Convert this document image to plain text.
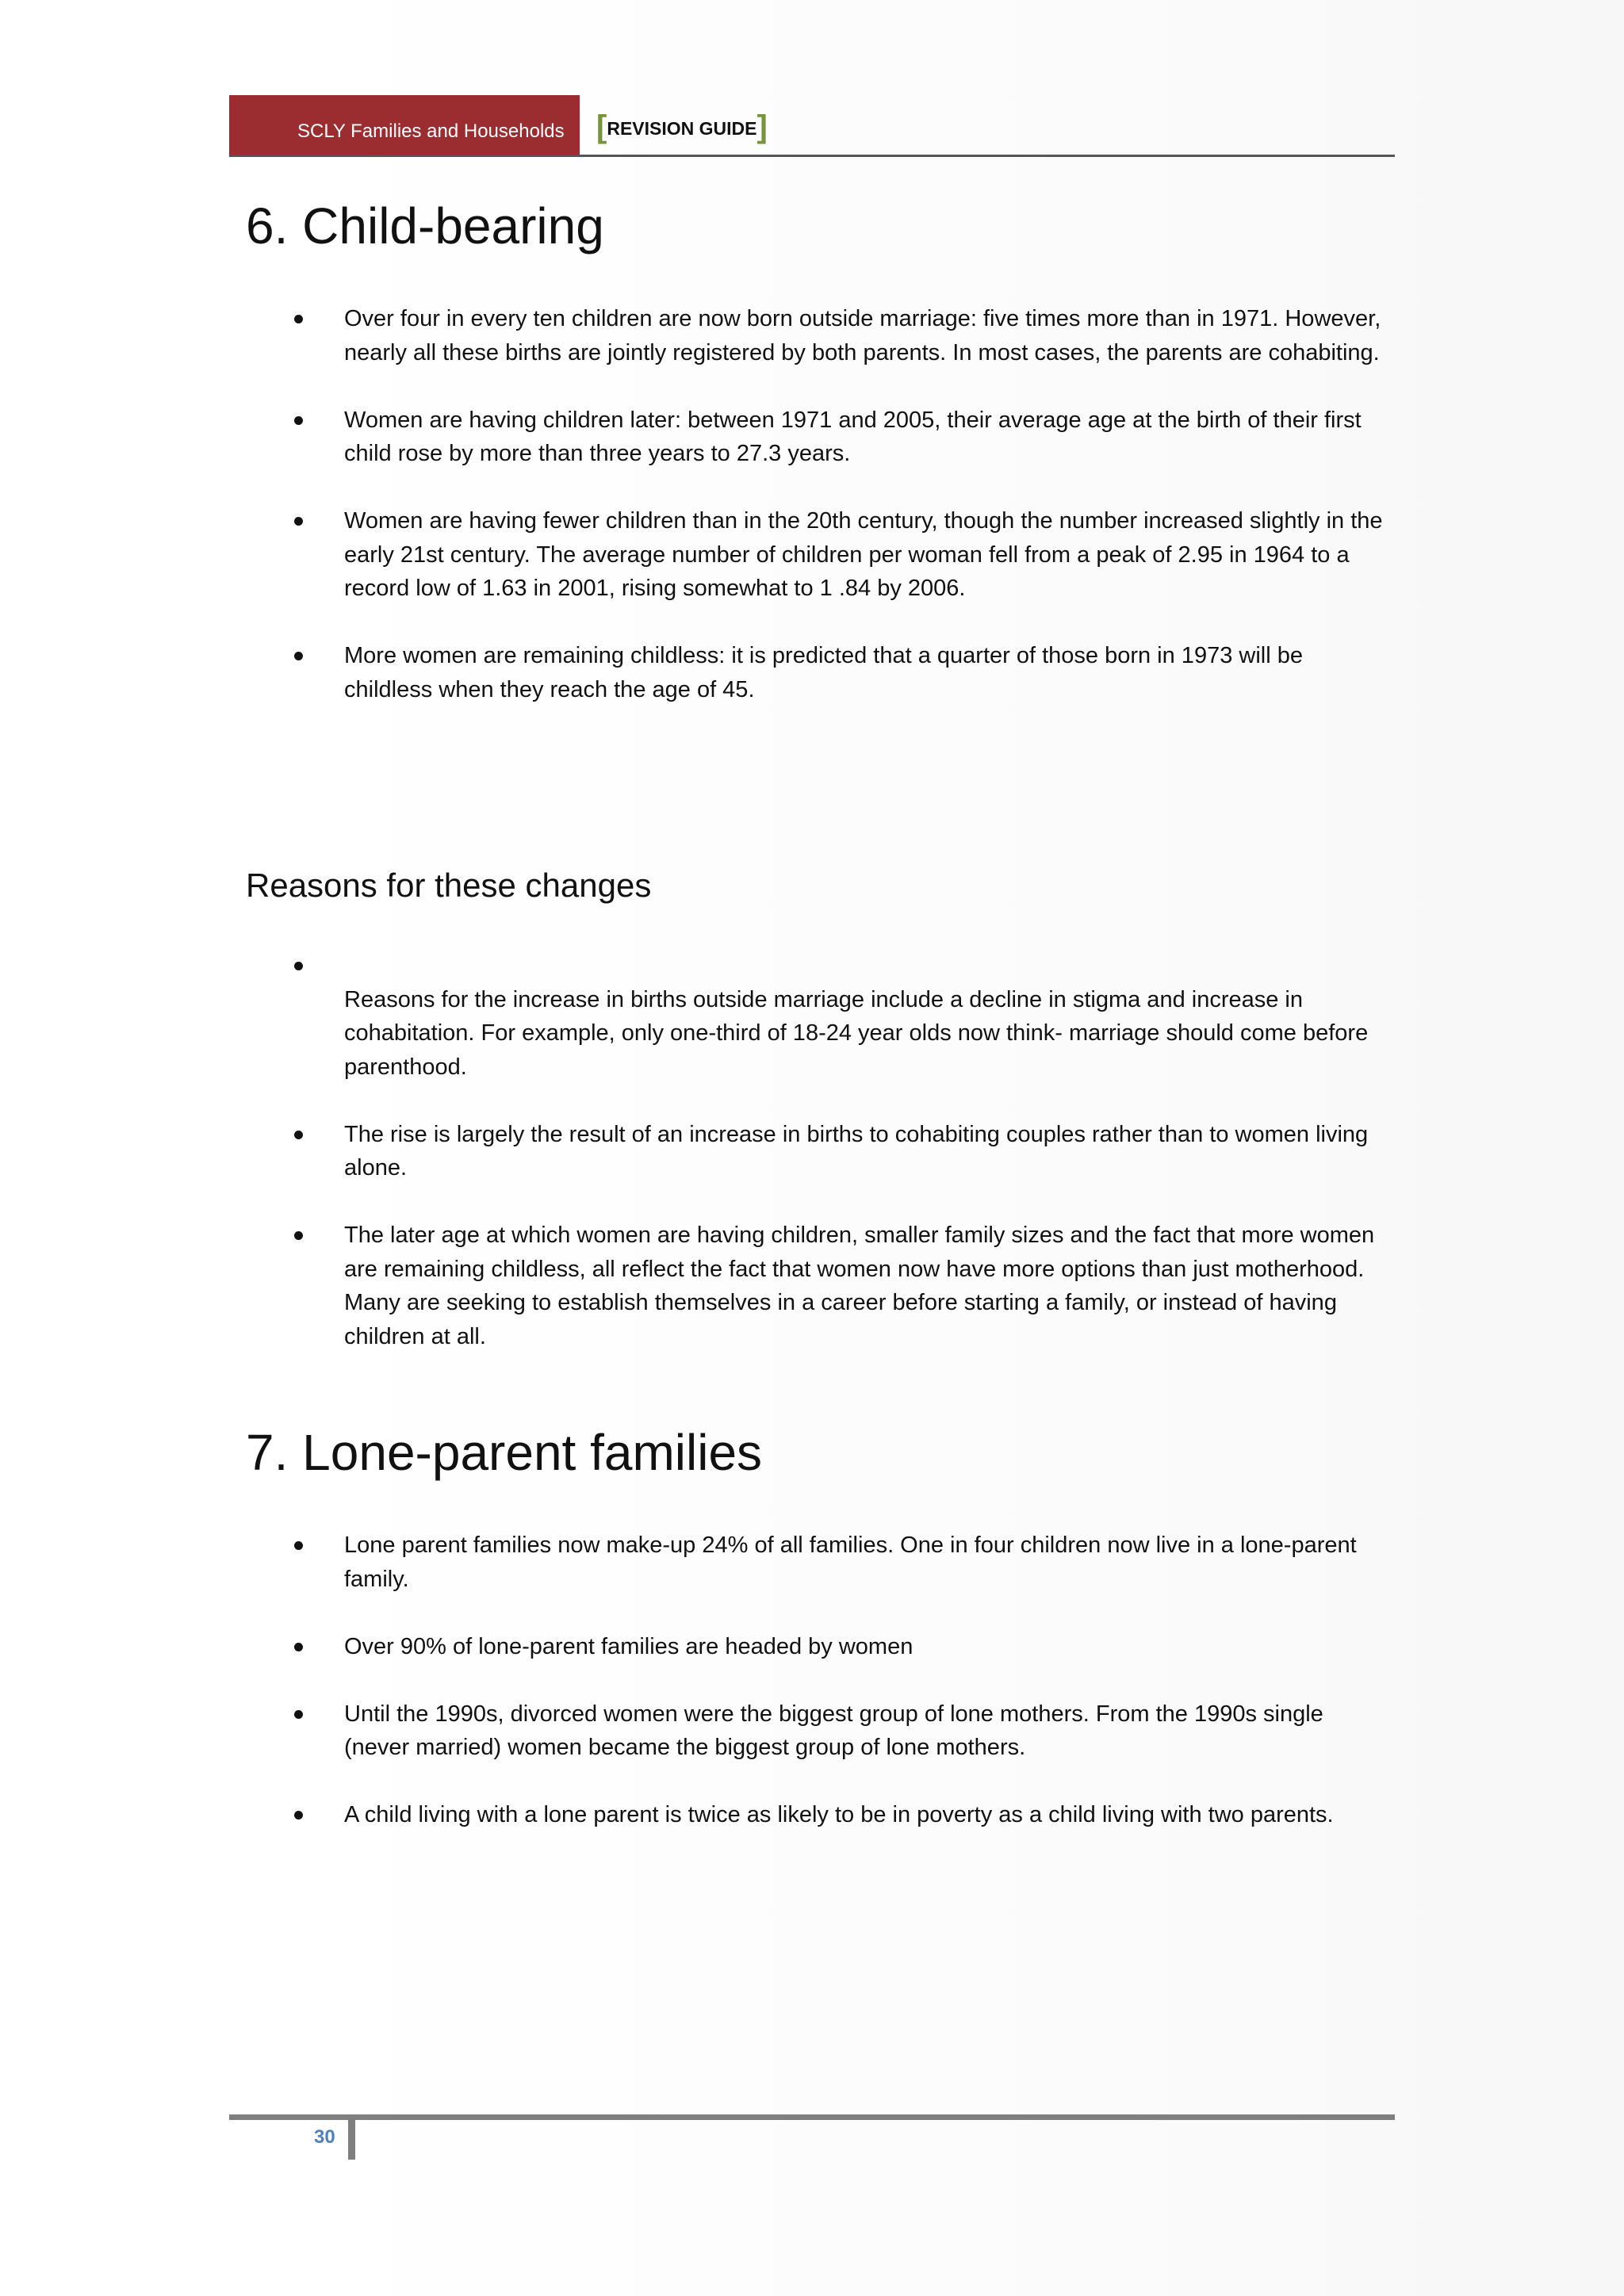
SCLY Families and Households	[REVISION GUIDE]
6. Child-bearing
Over four in every ten children are now born outside marriage: five times more than in 1971. However, nearly all these births are jointly registered by both parents. In most cases, the parents are cohabiting.
Women are having children later: between 1971 and 2005, their average age at the birth of their first child rose by more than three years to 27.3 years.
Women are having fewer children than in the 20th century, though the number increased slightly in the early 21st century. The average number of children per woman fell from a peak of 2.95 in 1964 to a record low of 1.63 in 2001, rising somewhat to 1 .84 by 2006.
More women are remaining childless: it is predicted that a quarter of those born in 1973 will be childless when they reach the age of 45.
Reasons for these changes
Reasons for the increase in births outside marriage include a decline in stigma and increase in cohabitation. For example, only one-third of 18-24 year olds now think- marriage should come before parenthood.
The rise is largely the result of an increase in births to cohabiting couples rather than to women living alone.
The later age at which women are having children, smaller family sizes and the fact that more women are remaining childless, all reflect the fact that women now have more options than just motherhood. Many are seeking to establish themselves in a career before starting a family, or instead of having children at all.
7. Lone-parent families
Lone parent families now make-up 24% of all families. One in four children now live in a lone-parent family.
Over 90% of lone-parent families are headed by women
Until the 1990s, divorced women were the biggest group of lone mothers. From the 1990s single (never married) women became the biggest group of lone mothers.
A child living with a lone parent is twice as likely to be in poverty as a child living with two parents.
30
